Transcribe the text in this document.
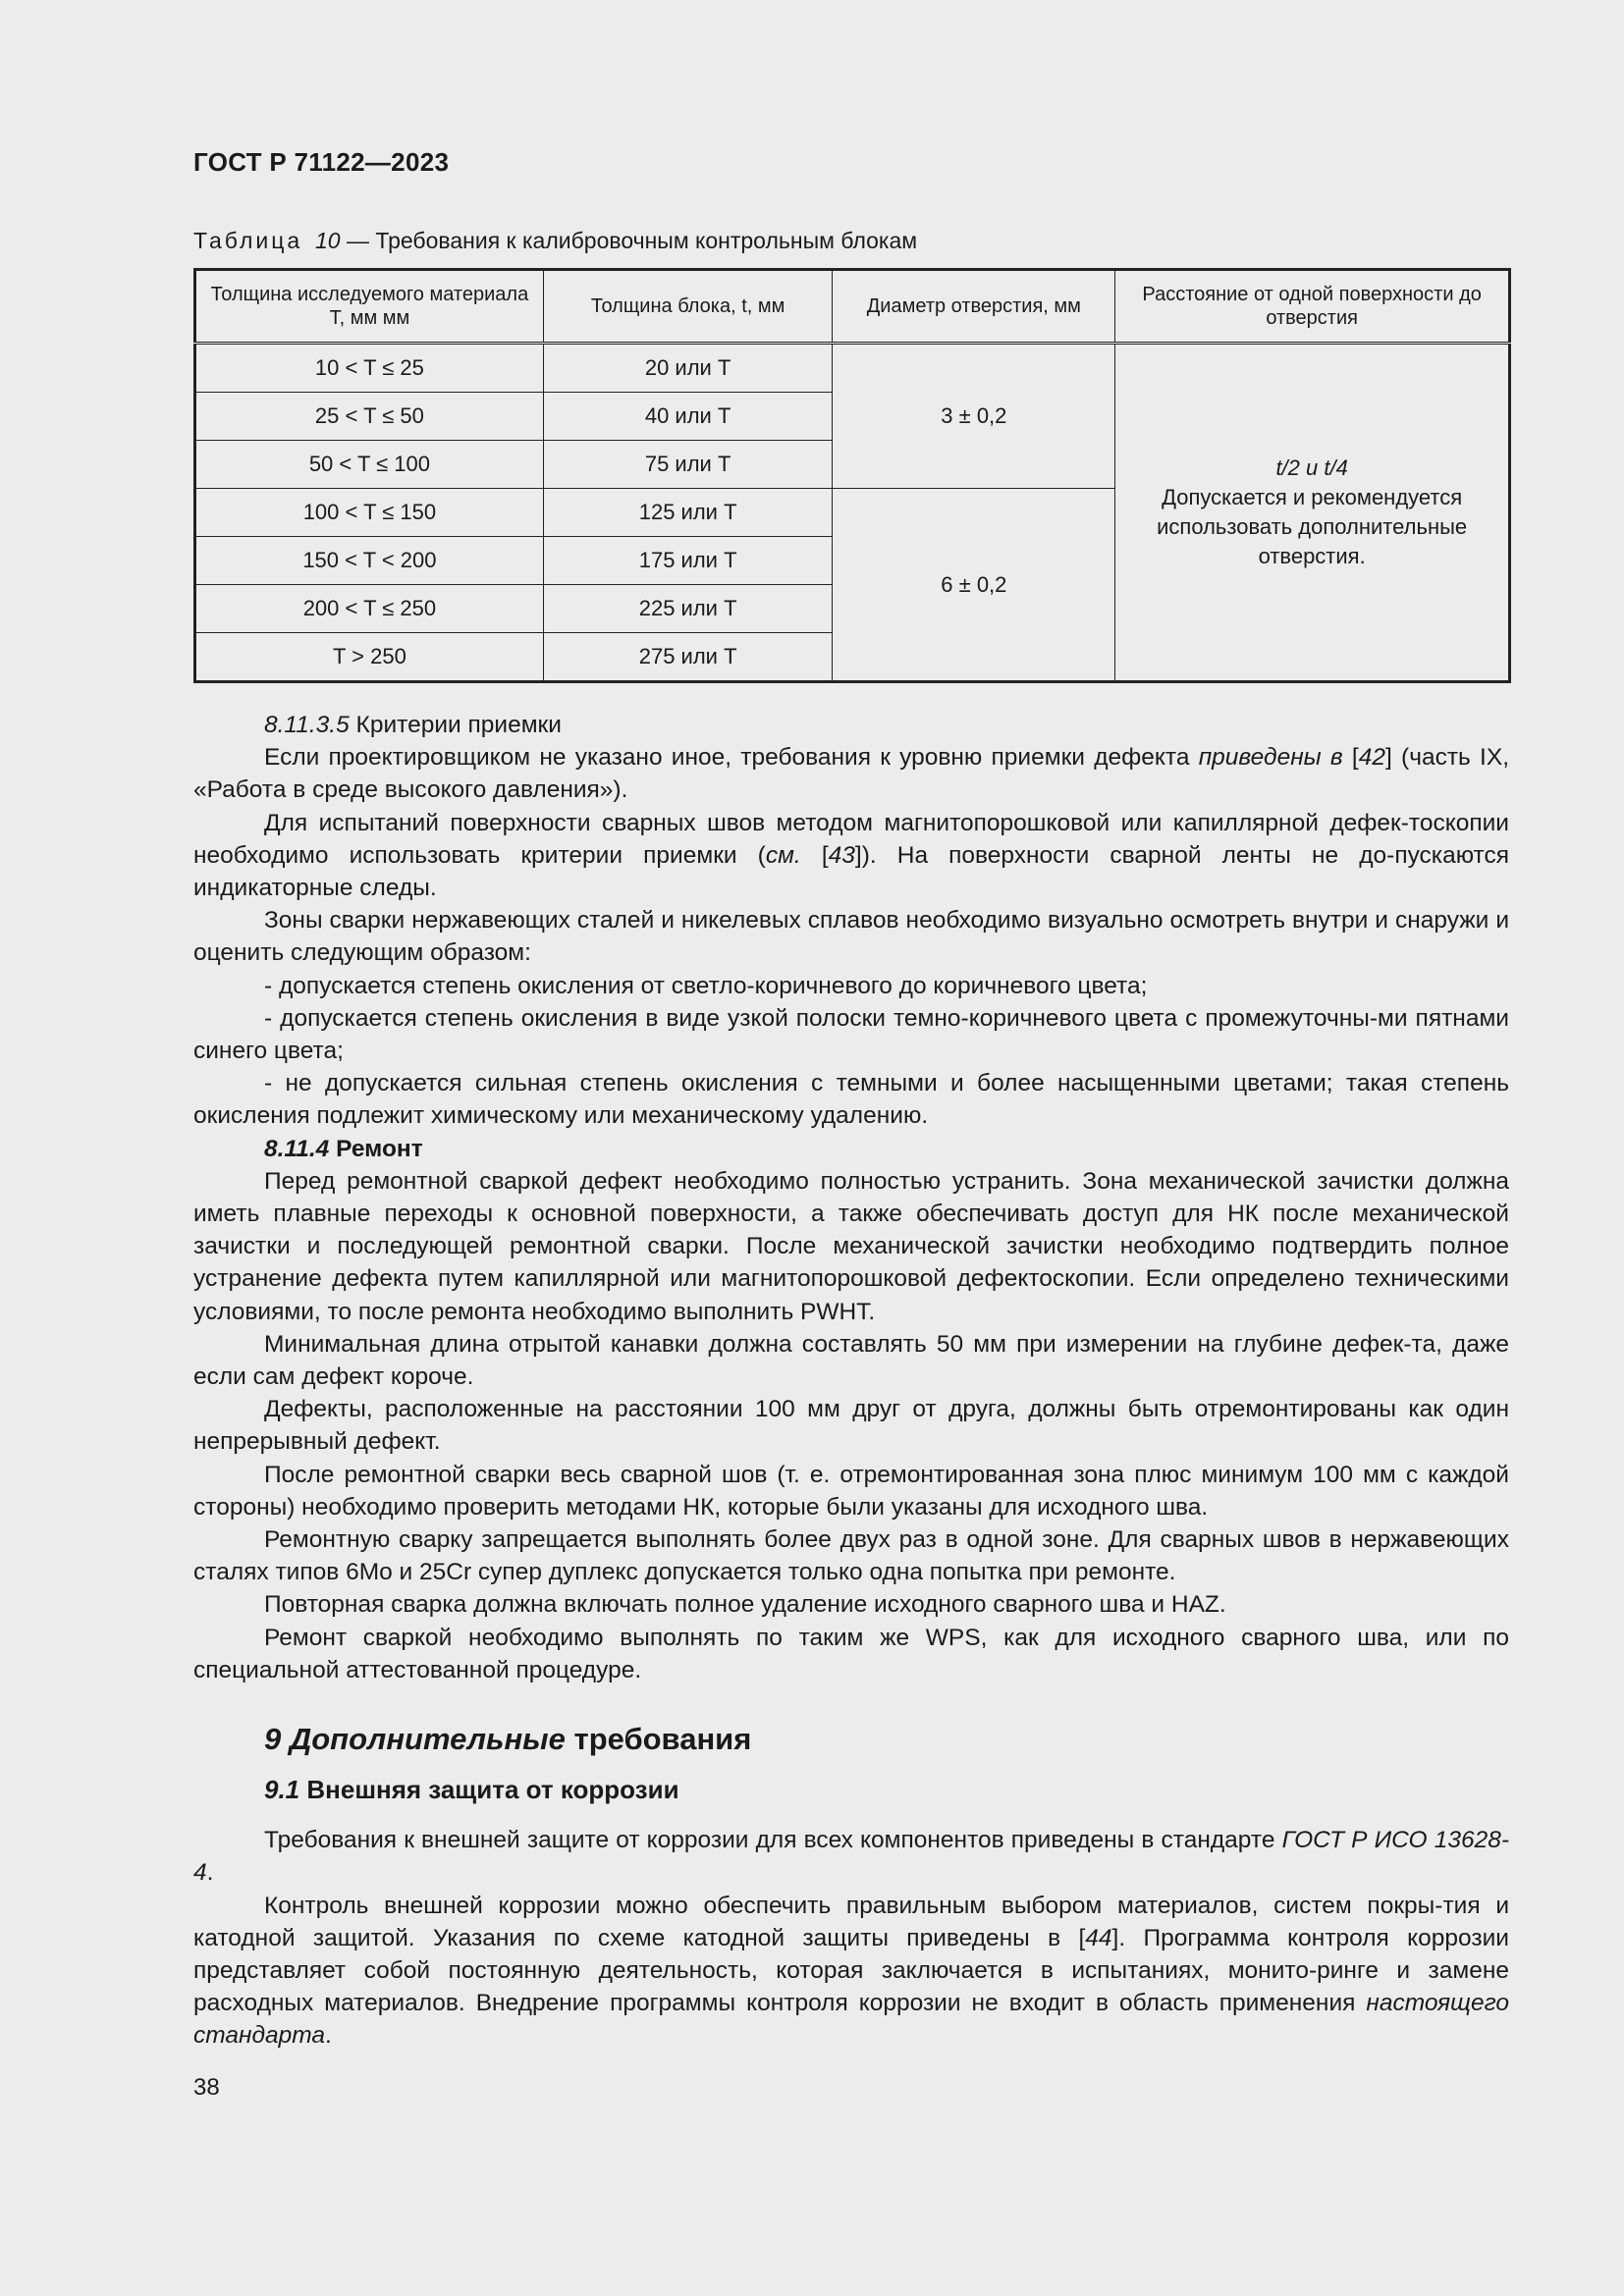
ГОСТ Р 71122—2023
Таблица 10 — Требования к калибровочным контрольным блокам
Толщина исследуемого материала T, мм мм	Толщина блока, t, мм	Диаметр отверстия, мм	Расстояние от одной поверхности до отверстия
10 < T ≤ 25	20 или T	3 ± 0,2	t/2 и t/4
Допускается и рекомендуется использовать дополнительные отверстия.

25 < T ≤ 50	40 или T		
50 < T ≤ 100	75 или T		
100 < T ≤ 150	125 или T	6 ± 0,2	
150 < T < 200	175 или T		
200 < T ≤ 250	225 или T		
T > 250	275 или T		

8.11.3.5 Критерии приемки

Если проектировщиком не указано иное, требования к уровню приемки дефекта приведены в [42] (часть IX, «Работа в среде высокого давления»).

Для испытаний поверхности сварных швов методом магнитопорошковой или капиллярной дефек-тоскопии необходимо использовать критерии приемки (см. [43]). На поверхности сварной ленты не до-пускаются индикаторные следы.

Зоны сварки нержавеющих сталей и никелевых сплавов необходимо визуально осмотреть внутри и снаружи и оценить следующим образом:

- допускается степень окисления от светло-коричневого до коричневого цвета;

- допускается степень окисления в виде узкой полоски темно-коричневого цвета с промежуточны-ми пятнами синего цвета;

- не допускается сильная степень окисления с темными и более насыщенными цветами; такая степень окисления подлежит химическому или механическому удалению.

8.11.4 Ремонт

Перед ремонтной сваркой дефект необходимо полностью устранить. Зона механической зачистки должна иметь плавные переходы к основной поверхности, а также обеспечивать доступ для НК после механической зачистки и последующей ремонтной сварки. После механической зачистки необходимо подтвердить полное устранение дефекта путем капиллярной или магнитопорошковой дефектоскопии. Если определено техническими условиями, то после ремонта необходимо выполнить PWHT.

Минимальная длина отрытой канавки должна составлять 50 мм при измерении на глубине дефек-та, даже если сам дефект короче.

Дефекты, расположенные на расстоянии 100 мм друг от друга, должны быть отремонтированы как один непрерывный дефект.

После ремонтной сварки весь сварной шов (т. е. отремонтированная зона плюс минимум 100 мм с каждой стороны) необходимо проверить методами НК, которые были указаны для исходного шва.

Ремонтную сварку запрещается выполнять более двух раз в одной зоне. Для сварных швов в нержавеющих сталях типов 6Mo и 25Cr супер дуплекс допускается только одна попытка при ремонте.

Повторная сварка должна включать полное удаление исходного сварного шва и HAZ.

Ремонт сваркой необходимо выполнять по таким же WPS, как для исходного сварного шва, или по специальной аттестованной процедуре.

9 Дополнительные требования
9.1 Внешняя защита от коррозии

Требования к внешней защите от коррозии для всех компонентов приведены в стандарте ГОСТ Р ИСО 13628-4.

Контроль внешней коррозии можно обеспечить правильным выбором материалов, систем покры-тия и катодной защитой. Указания по схеме катодной защиты приведены в [44]. Программа контроля коррозии представляет собой постоянную деятельность, которая заключается в испытаниях, монито-ринге и замене расходных материалов. Внедрение программы контроля коррозии не входит в область применения настоящего стандарта.

38
